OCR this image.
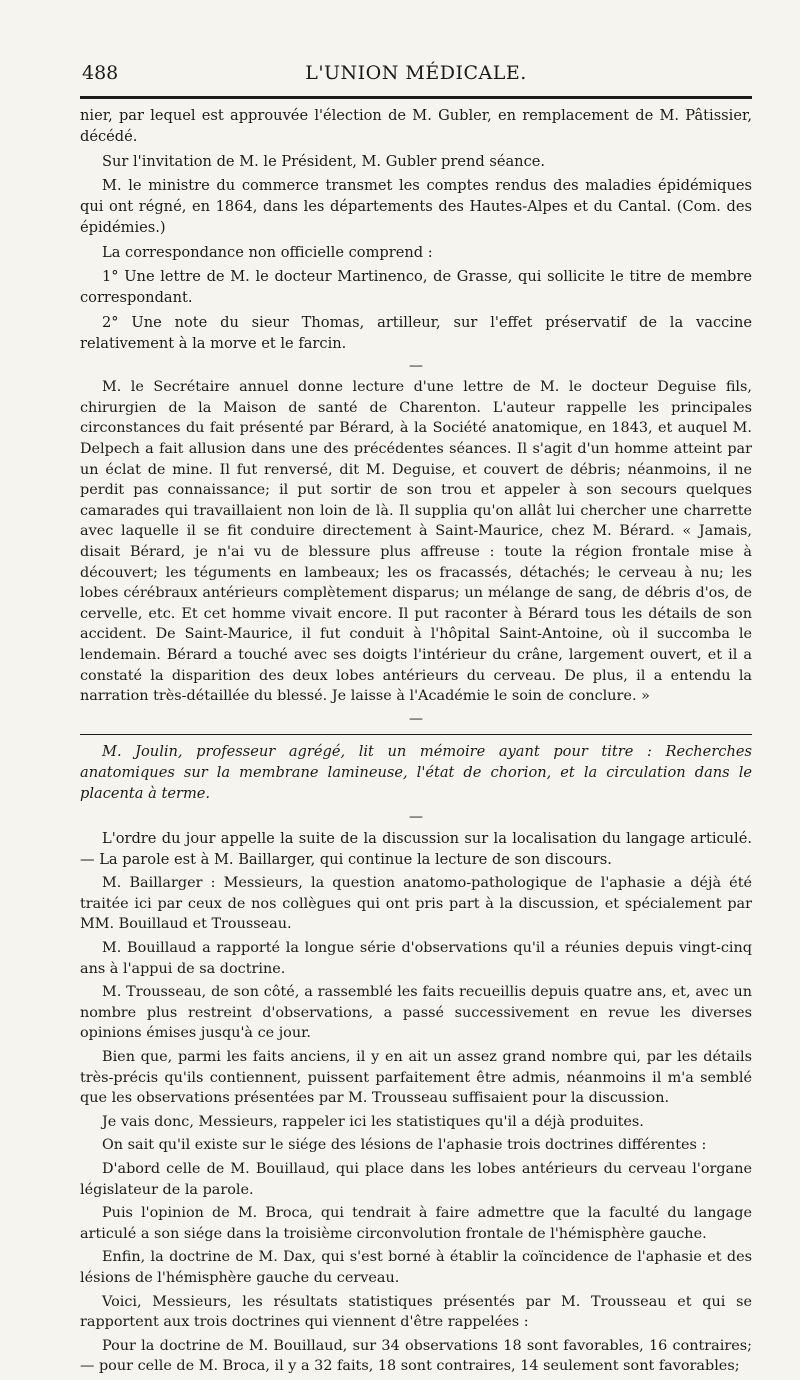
488	L'UNION MÉDICALE.

nier, par lequel est approuvée l'élection de M. Gubler, en remplacement de M. Pâtissier, décédé.

Sur l'invitation de M. le Président, M. Gubler prend séance.

M. le ministre du commerce transmet les comptes rendus des maladies épidémiques qui ont régné, en 1864, dans les départements des Hautes-Alpes et du Cantal. (Com. des épidémies.)

La correspondance non officielle comprend :

1° Une lettre de M. le docteur Martinenco, de Grasse, qui sollicite le titre de membre correspondant.

2° Une note du sieur Thomas, artilleur, sur l'effet préservatif de la vaccine relativement à la morve et le farcin.

—

M. le Secrétaire annuel donne lecture d'une lettre de M. le docteur Deguise fils, chirurgien de la Maison de santé de Charenton. L'auteur rappelle les principales circonstances du fait présenté par Bérard, à la Société anatomique, en 1843, et auquel M. Delpech a fait allusion dans une des précédentes séances. Il s'agit d'un homme atteint par un éclat de mine. Il fut renversé, dit M. Deguise, et couvert de débris; néanmoins, il ne perdit pas connaissance; il put sortir de son trou et appeler à son secours quelques camarades qui travaillaient non loin de là. Il supplia qu'on allât lui chercher une charrette avec laquelle il se fit conduire directement à Saint-Maurice, chez M. Bérard. « Jamais, disait Bérard, je n'ai vu de blessure plus affreuse : toute la région frontale mise à découvert; les téguments en lambeaux; les os fracassés, détachés; le cerveau à nu; les lobes cérébraux antérieurs complètement disparus; un mélange de sang, de débris d'os, de cervelle, etc. Et cet homme vivait encore. Il put raconter à Bérard tous les détails de son accident. De Saint-Maurice, il fut conduit à l'hôpital Saint-Antoine, où il succomba le lendemain. Bérard a touché avec ses doigts l'intérieur du crâne, largement ouvert, et il a constaté la disparition des deux lobes antérieurs du cerveau. De plus, il a entendu la narration très-détaillée du blessé. Je laisse à l'Académie le soin de conclure. »

—

M. Joulin, professeur agrégé, lit un mémoire ayant pour titre : Recherches anatomiques sur la membrane lamineuse, l'état de chorion, et la circulation dans le placenta à terme.

—

L'ordre du jour appelle la suite de la discussion sur la localisation du langage articulé. — La parole est à M. Baillarger, qui continue la lecture de son discours.

M. Baillarger : Messieurs, la question anatomo-pathologique de l'aphasie a déjà été traitée ici par ceux de nos collègues qui ont pris part à la discussion, et spécialement par MM. Bouillaud et Trousseau.

M. Bouillaud a rapporté la longue série d'observations qu'il a réunies depuis vingt-cinq ans à l'appui de sa doctrine.

M. Trousseau, de son côté, a rassemblé les faits recueillis depuis quatre ans, et, avec un nombre plus restreint d'observations, a passé successivement en revue les diverses opinions émises jusqu'à ce jour.

Bien que, parmi les faits anciens, il y en ait un assez grand nombre qui, par les détails très-précis qu'ils contiennent, puissent parfaitement être admis, néanmoins il m'a semblé que les observations présentées par M. Trousseau suffisaient pour la discussion.

Je vais donc, Messieurs, rappeler ici les statistiques qu'il a déjà produites.

On sait qu'il existe sur le siége des lésions de l'aphasie trois doctrines différentes :

D'abord celle de M. Bouillaud, qui place dans les lobes antérieurs du cerveau l'organe législateur de la parole.

Puis l'opinion de M. Broca, qui tendrait à faire admettre que la faculté du langage articulé a son siége dans la troisième circonvolution frontale de l'hémisphère gauche.

Enfin, la doctrine de M. Dax, qui s'est borné à établir la coïncidence de l'aphasie et des lésions de l'hémisphère gauche du cerveau.

Voici, Messieurs, les résultats statistiques présentés par M. Trousseau et qui se rapportent aux trois doctrines qui viennent d'être rappelées :

Pour la doctrine de M. Bouillaud, sur 34 observations 18 sont favorables, 16 contraires; — pour celle de M. Broca, il y a 32 faits, 18 sont contraires, 14 seulement sont favorables;
